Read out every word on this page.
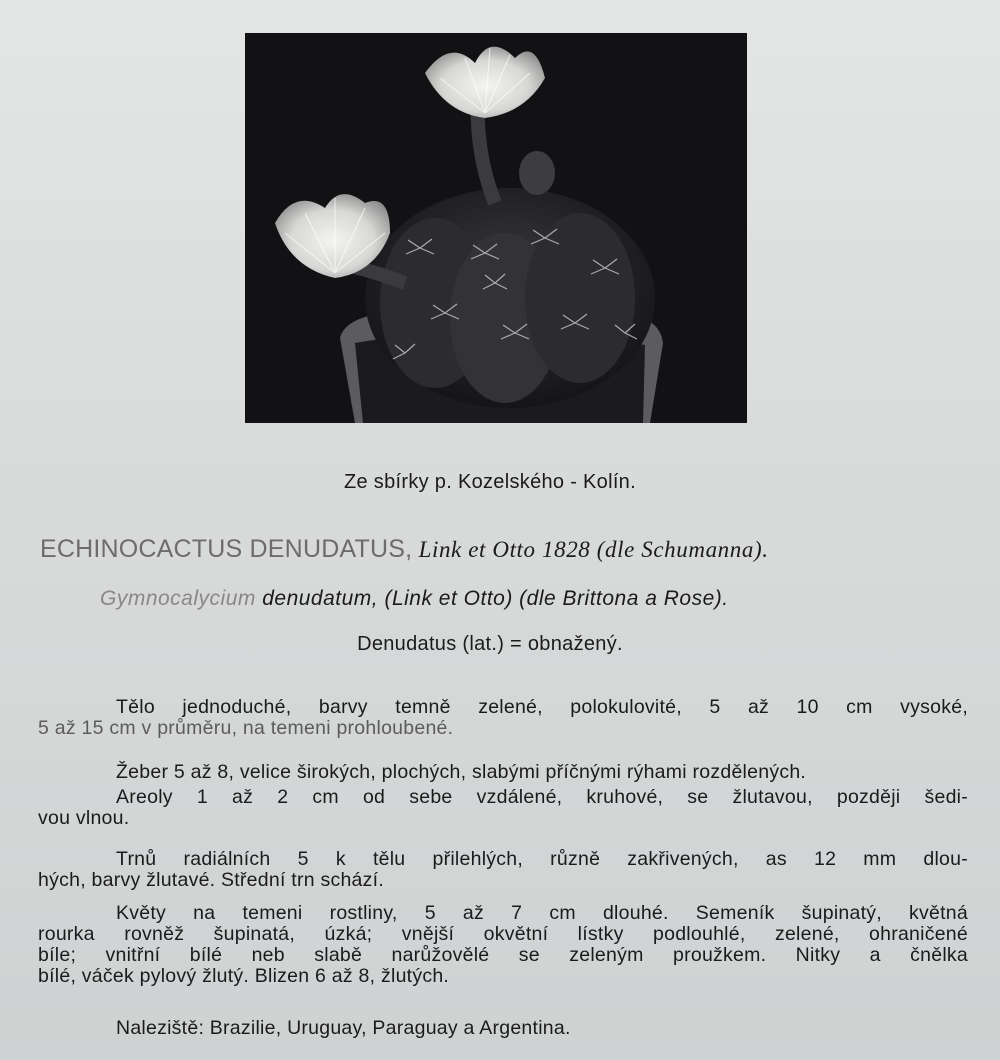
Ze sbírky p. Kozelského - Kolín.
ECHINOCACTUS DENUDATUS, Link et Otto 1828 (dle Schumanna).
Gymnocalycium denudatum, (Link et Otto) (dle Brittona a Rose).
Denudatus (lat.) = obnažený.
Tělo jednoduché, barvy temně zelené, polokulovité, 5 až 10 cm vysoké,
5 až 15 cm v průměru, na temeni prohloubené.
Žeber 5 až 8, velice širokých, plochých, slabými příčnými rýhami rozdělených.
Areoly 1 až 2 cm od sebe vzdálené, kruhové, se žlutavou, později šedi-
vou vlnou.
Trnů radiálních 5 k tělu přilehlých, různě zakřivených, as 12 mm dlou-
hých, barvy žlutavé. Střední trn schází.
Květy na temeni rostliny, 5 až 7 cm dlouhé. Semeník šupinatý, květná
rourka rovněž šupinatá, úzká; vnější okvětní lístky podlouhlé, zelené, ohraničené
bíle; vnitřní bílé neb slabě narůžovělé se zeleným proužkem. Nitky a čnělka
bílé, váček pylový žlutý. Blizen 6 až 8, žlutých.
Naleziště: Brazilie, Uruguay, Paraguay a Argentina.
